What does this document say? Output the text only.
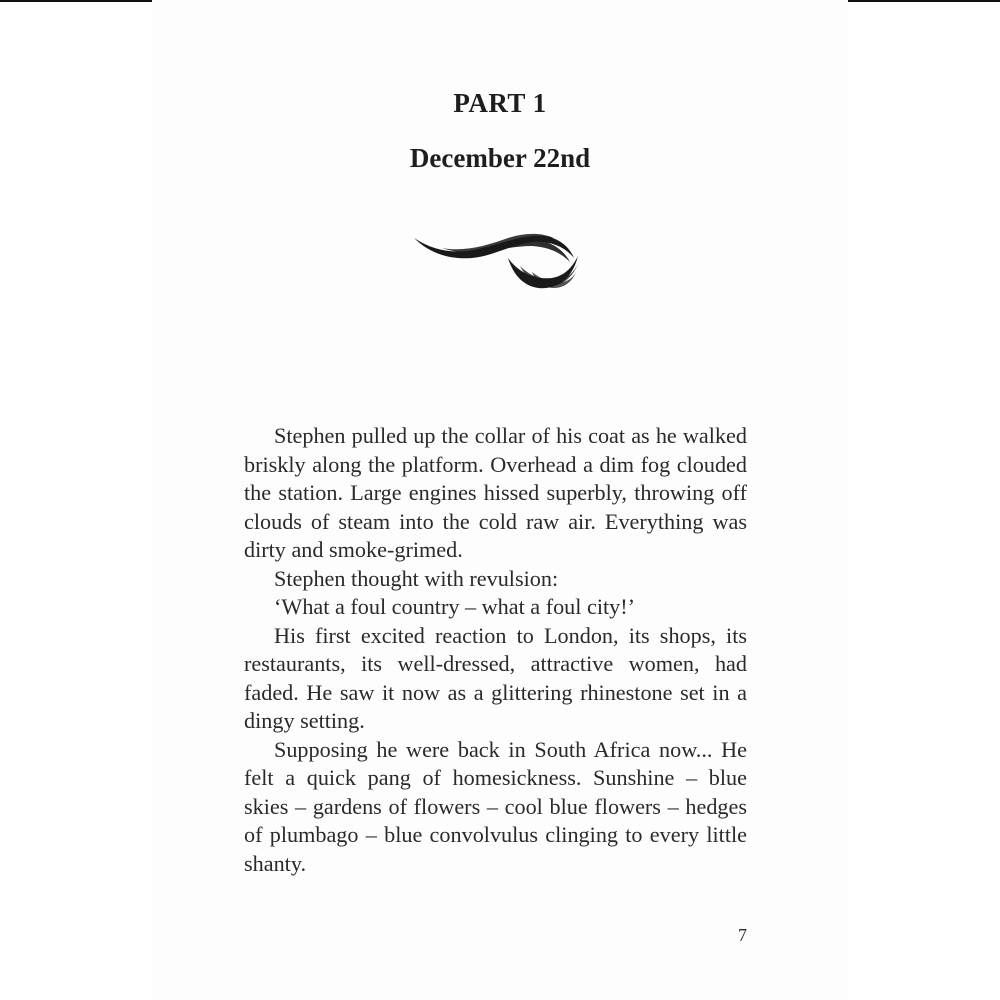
PART 1
December 22nd

Stephen pulled up the collar of his coat as he walked briskly along the platform. Overhead a dim fog clouded the station. Large engines hissed superbly, throwing off clouds of steam into the cold raw air. Everything was dirty and smoke-grimed.

Stephen thought with revulsion:

‘What a foul country – what a foul city!’

His first excited reaction to London, its shops, its restaurants, its well-dressed, attractive women, had faded. He saw it now as a glittering rhinestone set in a dingy setting.

Supposing he were back in South Africa now... He felt a quick pang of homesickness. Sunshine – blue skies – gardens of flowers – cool blue flowers – hedges of plumbago – blue convolvulus clinging to every little shanty.

7
